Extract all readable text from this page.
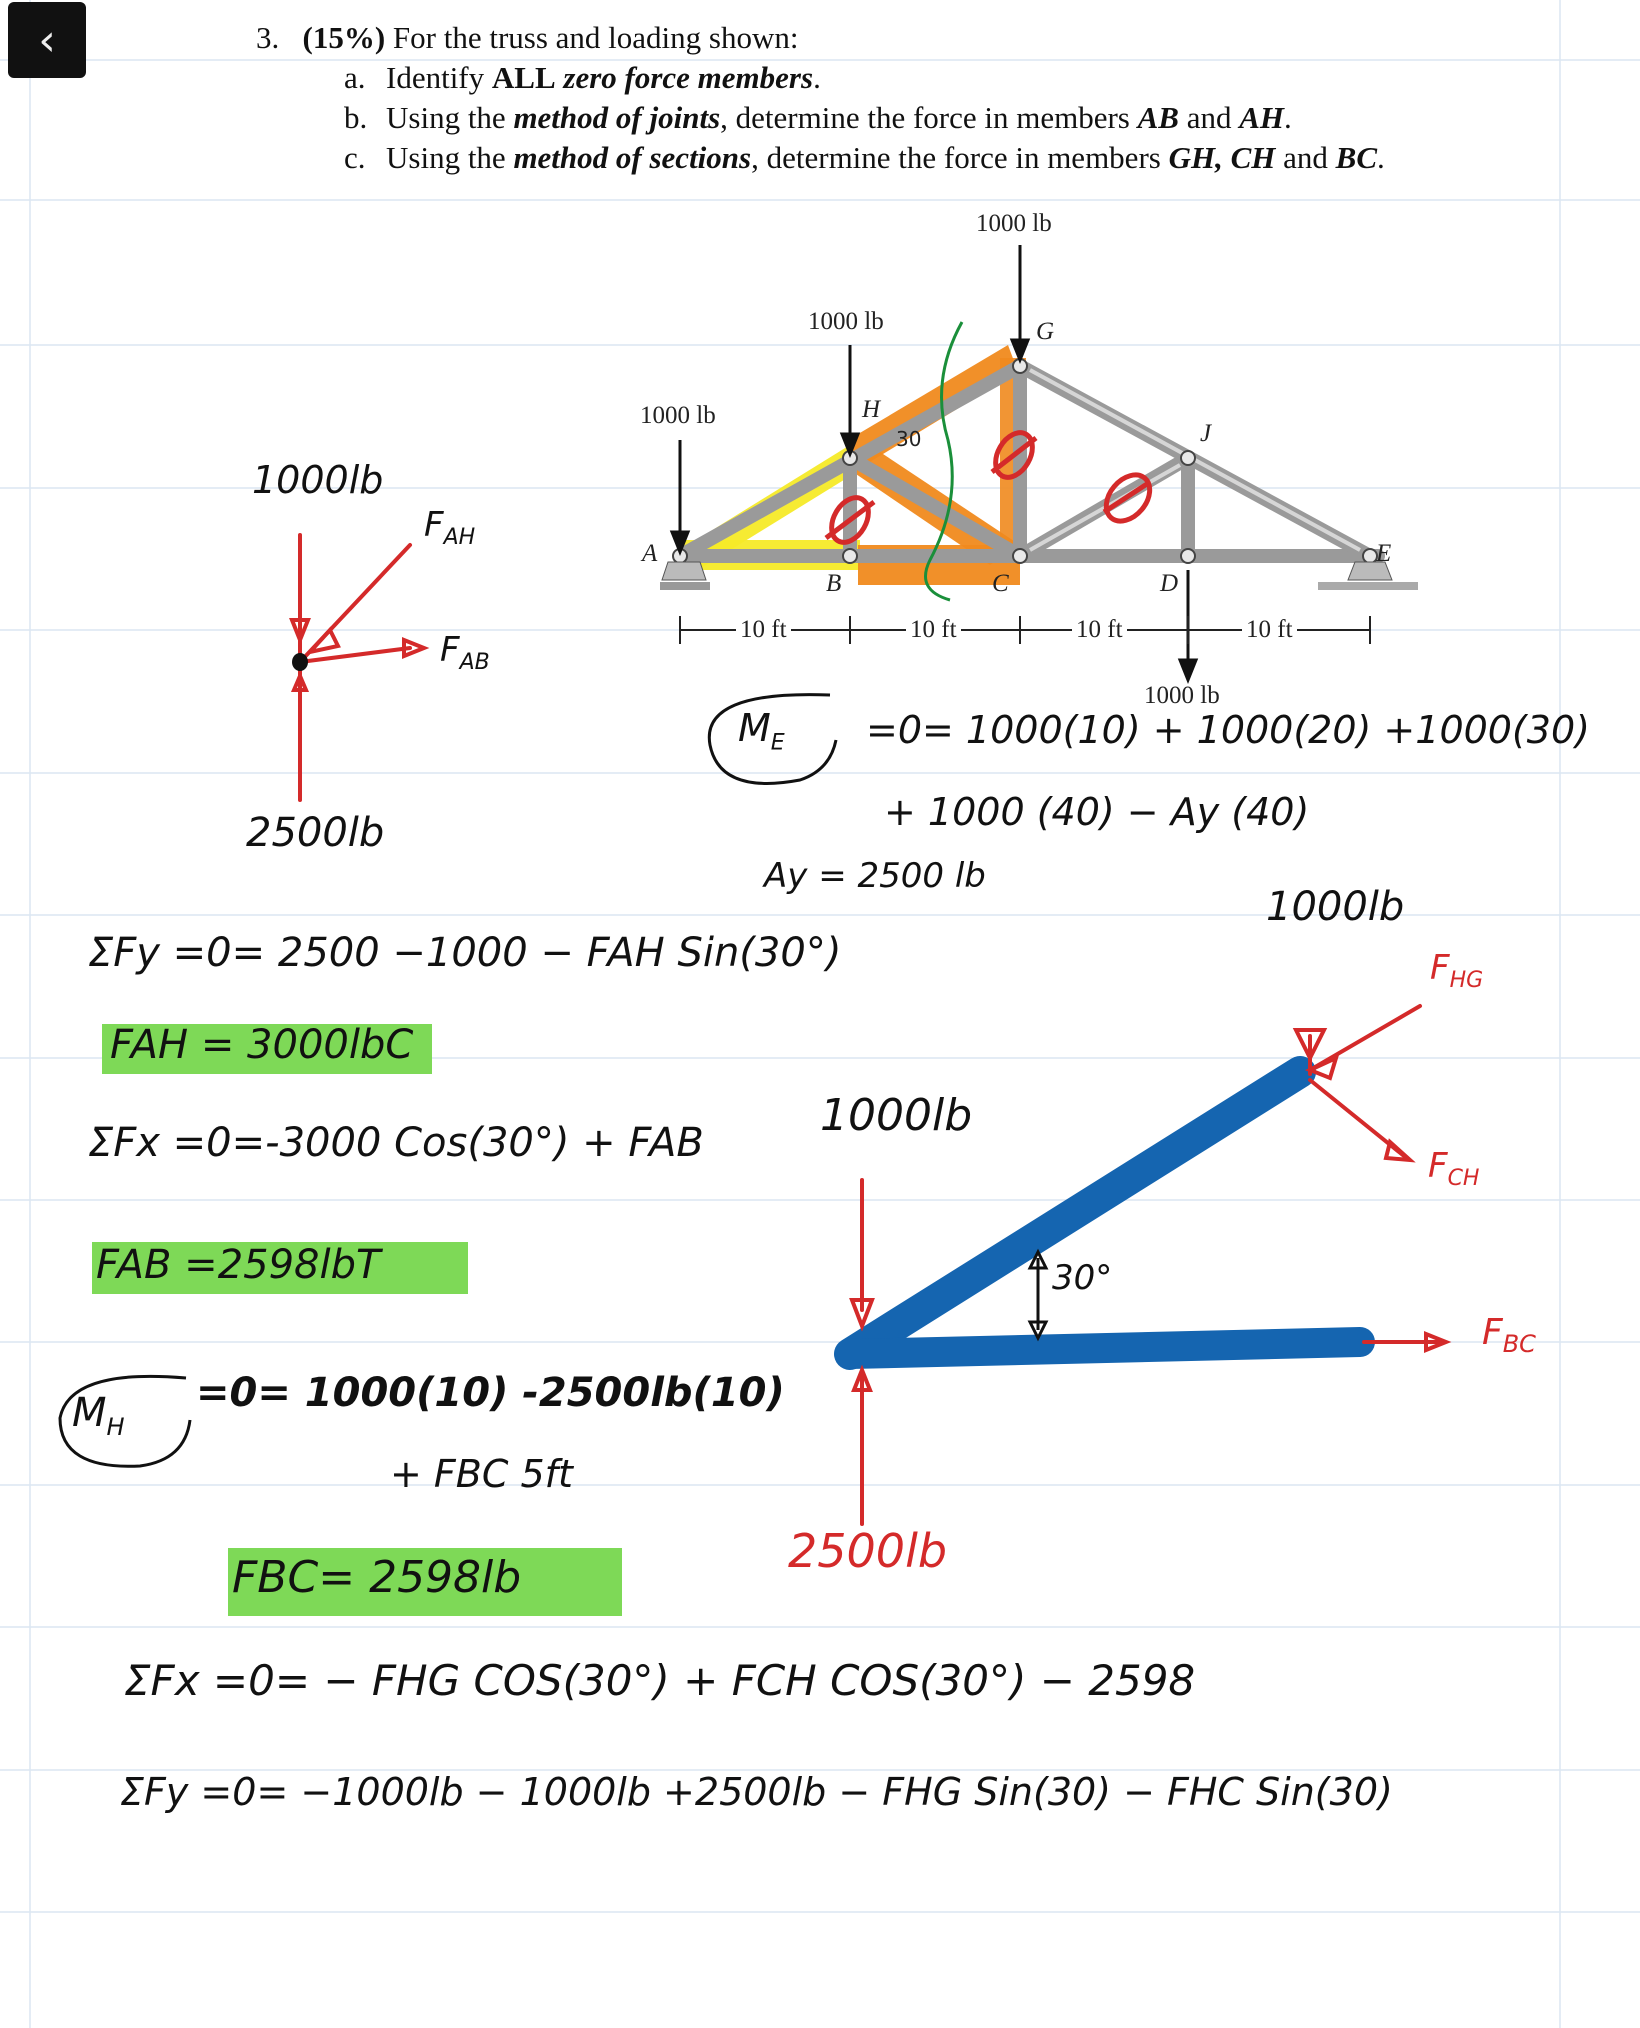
‹	3. (15%) For the truss and loading shown:
a. Identify ALL zero force members.
b. Using the method of joints, determine the force in members AB and AH.
c. Using the method of sections, determine the force in members GH, CH and BC.
30
1000 lb
1000 lb
1000 lb
1000 lb
A
B	C	D
E
G
H
J
10 ft	10 ft	10 ft	10 ft
1000lb
$F_{AH}$
$F_{AB}$
2500lb
$M_E =0= 1000(10) + 1000(20) +1000(30)$
+ 1000 (40) − Ay (40)
Ay = 2500 lb
ΣFy =0= 2500 −1000 − FAH Sin(30°)
FAH = 3000lbC
ΣFx =0=-3000 Cos(30°) + FAB
FAB =2598lbT
$M_H$
=0= 1000(10) -2500lb(10)
+ FBC 5ft
FBC= 2598lb
1000lb
1000lb
2500lb
$F_{HG}$
$F_{CH}$
$F_{BC}$
30°
ΣFx =0= − FHG COS(30°) + FCH COS(30°) − 2598
ΣFy =0= −1000lb − 1000lb +2500lb − FHG Sin(30) − FHC Sin(30)
